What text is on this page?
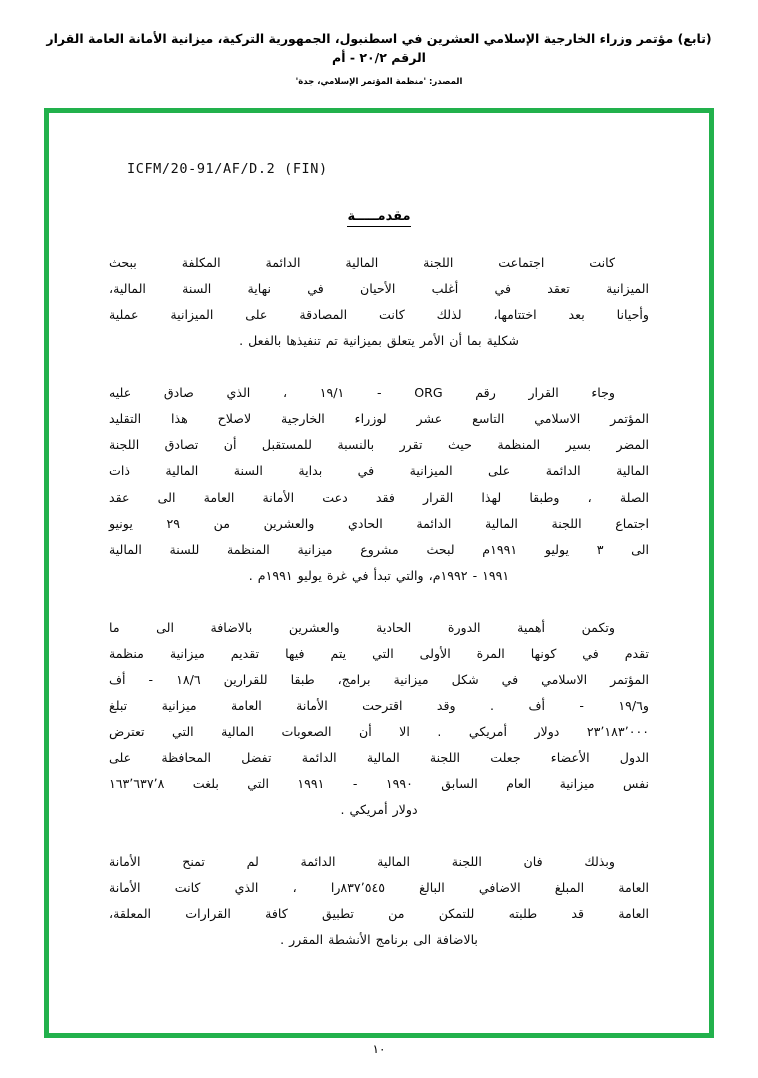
(تابع) مؤتمر وزراء الخارجية الإسلامي العشرين في اسطنبول، الجمهورية التركية، ميزانية الأمانة العامة القرار الرقم ٢٠/٢ - أم
المصدر: 'منظمة المؤتمر الإسلامي، جدة'
ICFM/20-91/AF/D.2 (FIN)
مقدمـــــة
كانت اجتماعت اللجنة المالية الدائمة المكلفة ببحث
الميزانية تعقد في أغلب الأحيان في نهاية السنة المالية،
وأحيانا بعد اختتامها، لذلك كانت المصادقة على الميزانية عملية
شكلية بما أن الأمر يتعلق بميزانية تم تنفيذها بالفعل .
وجاء القرار رقم ORG - ١٩/١ ، الذي صادق عليه
المؤتمر الاسلامي التاسع عشر لوزراء الخارجية لاصلاح هذا التقليد
المضر بسير المنظمة حيث تقرر بالنسبة للمستقبل أن تصادق اللجنة
المالية الدائمة على الميزانية في بداية السنة المالية ذات
الصلة ، وطبقا لهذا القرار فقد دعت الأمانة العامة الى عقد
اجتماع اللجنة المالية الدائمة الحادي والعشرين من ٢٩ يونيو
الى ٣ يوليو ١٩٩١م لبحث مشروع ميزانية المنظمة للسنة المالية
١٩٩١ - ١٩٩٢م، والتي تبدأ في غرة يوليو ١٩٩١م .
وتكمن أهمية الدورة الحادية والعشرين بالاضافة الى ما
تقدم في كونها المرة الأولى التي يتم فيها تقديم ميزانية منظمة
المؤتمر الاسلامي في شكل ميزانية برامج، طبقا للقرارين ١٨/٦ - أف
و١٩/٦ - أف . وقد اقترحت الأمانة العامة ميزانية تبلغ
٢٣٬١٨٣٬٠٠٠ دولار أمريكي . الا أن الصعوبات المالية التي تعترض
الدول الأعضاء جعلت اللجنة المالية الدائمة تفضل المحافظة على
نفس ميزانية العام السابق ١٩٩٠ - ١٩٩١ التي بلغت ١٦٣٬٦٣٧٬٨
دولار أمريكي .
وبذلك فان اللجنة المالية الدائمة لم تمنح الأمانة
العامة المبلغ الاضافي البالغ ٨٣٧٬٥٤٥را ، الذي كانت الأمانة
العامة قد طلبته للتمكن من تطبيق كافة القرارات المعلقة،
بالاضافة الى برنامج الأنشطة المقرر .
١٠
